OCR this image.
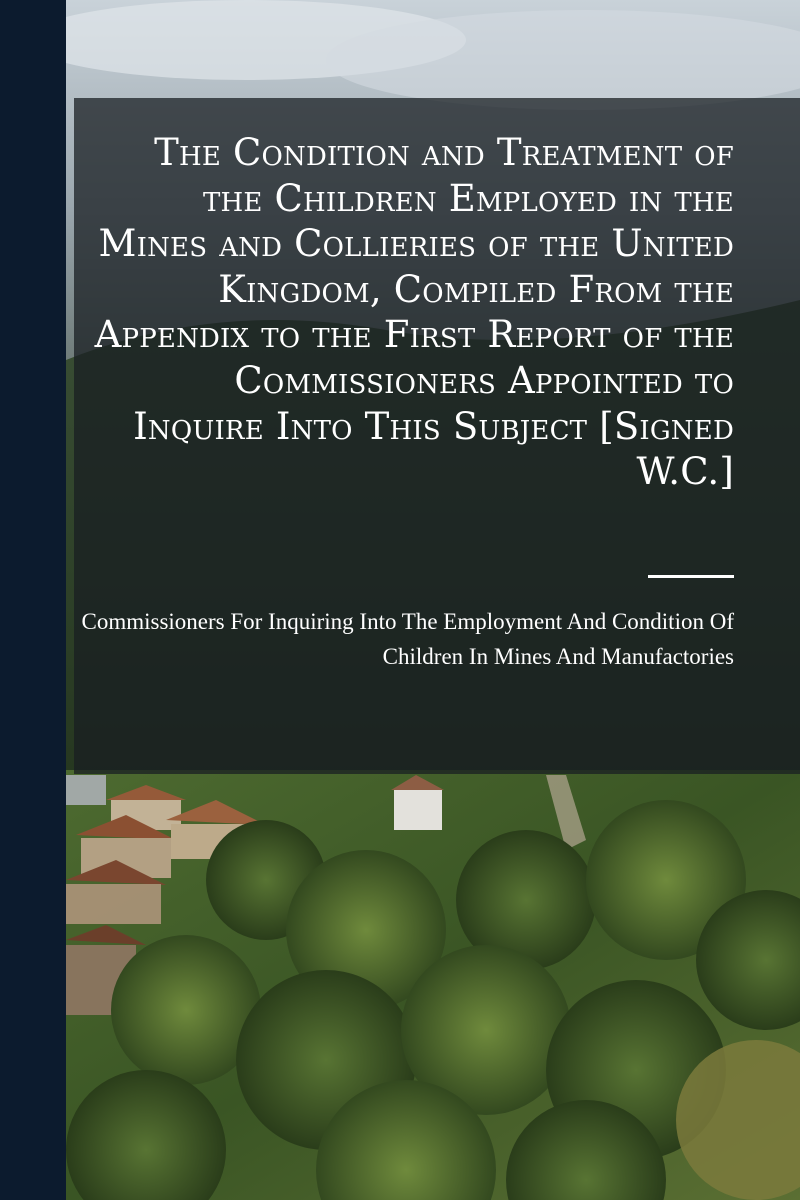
The Condition and Treatment of the Children Employed in the Mines and Collieries of the United Kingdom, Compiled From the Appendix to the First Report of the Commissioners Appointed to Inquire Into This Subject [Signed W.C.]

Commissioners For Inquiring Into The Employment And Condition Of Children In Mines And Manufactories
